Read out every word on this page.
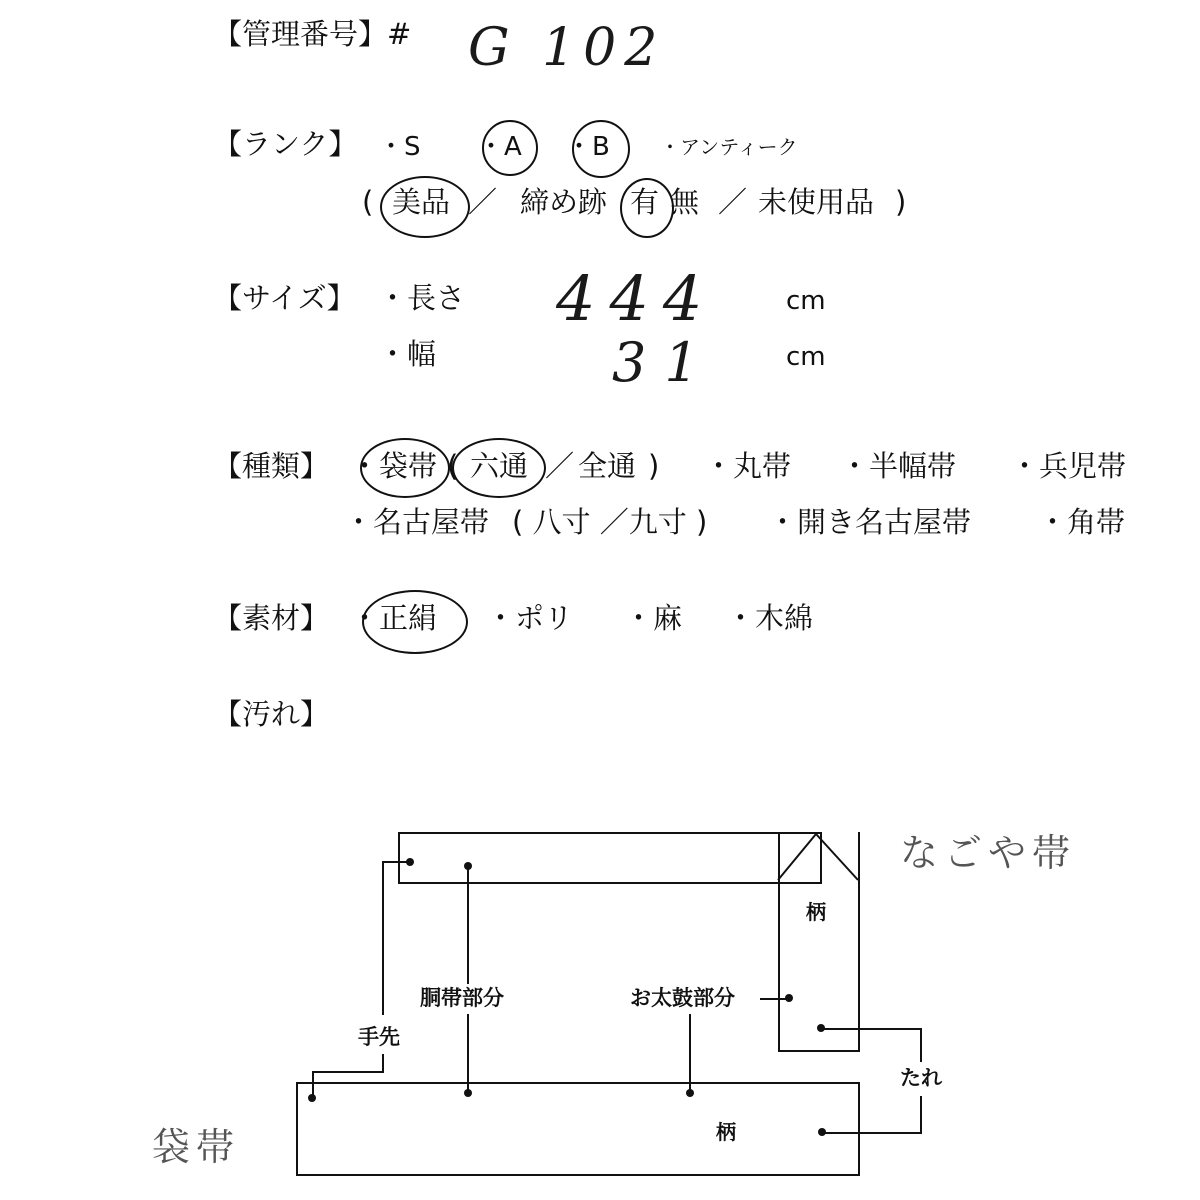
【管理番号】# G 102
【ランク】 ・S ・A ・B	・アンティーク
( 美品 ／ 締め跡 有 無 ／ 未使用品 )
【サイズ】 ・長さ 444	cm
・幅	31	cm
【種類】 ・袋帯 ( 六通 ／ 全通 ) ・丸帯 ・半幅帯 ・兵児帯
・名古屋帯 ( 八寸 ／九寸 ) ・開き名古屋帯 ・角帯
【素材】 ・正絹 ・ポリ ・麻 ・木綿
【汚れ】
なごや帯
柄
袋帯	柄
手先
胴帯部分	お太鼓部分
たれ
